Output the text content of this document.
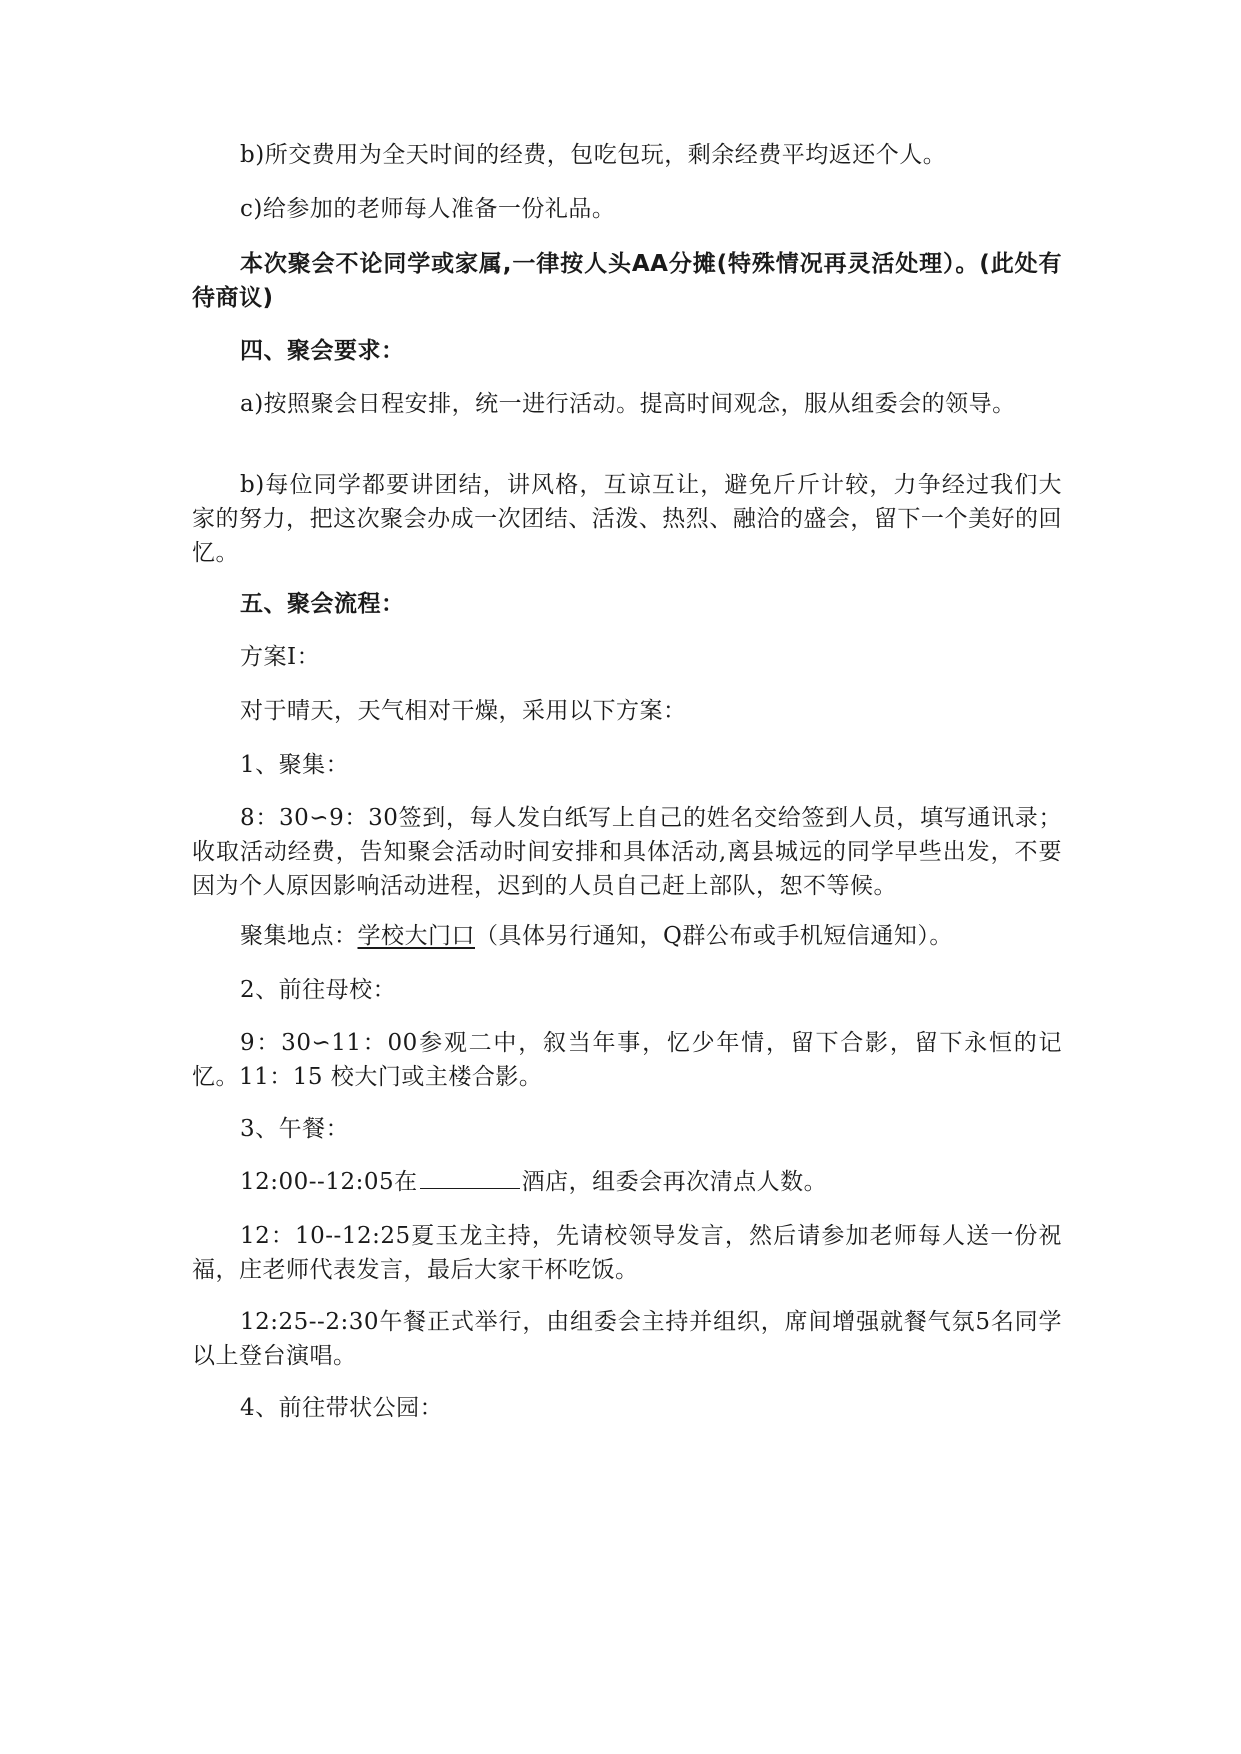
b)所交费用为全天时间的经费，包吃包玩，剩余经费平均返还个人。

c)给参加的老师每人准备一份礼品。

本次聚会不论同学或家属,一律按人头AA分摊(特殊情况再灵活处理）。(此处有待商议)

四、聚会要求：

a)按照聚会日程安排，统一进行活动。提高时间观念，服从组委会的领导。

b)每位同学都要讲团结，讲风格，互谅互让，避免斤斤计较，力争经过我们大家的努力，把这次聚会办成一次团结、活泼、热烈、融洽的盛会，留下一个美好的回忆。

五、聚会流程：

方案Ⅰ：

对于晴天，天气相对干燥，采用以下方案：

1、聚集：

8：30∽9：30签到，每人发白纸写上自己的姓名交给签到人员，填写通讯录；收取活动经费，告知聚会活动时间安排和具体活动,离县城远的同学早些出发，不要因为个人原因影响活动进程，迟到的人员自己赶上部队，恕不等候。

聚集地点：学校大门口（具体另行通知，Q群公布或手机短信通知）。

2、前往母校：

9：30∽11：00参观二中，叙当年事，忆少年情，留下合影，留下永恒的记忆。11：15 校大门或主楼合影。

3、午餐：

12:00--12:05在	酒店，组委会再次清点人数。

12：10--12:25夏玉龙主持，先请校领导发言，然后请参加老师每人送一份祝福，庄老师代表发言，最后大家干杯吃饭。

12:25--2:30午餐正式举行，由组委会主持并组织，席间增强就餐气氛5名同学以上登台演唱。

4、前往带状公园：
